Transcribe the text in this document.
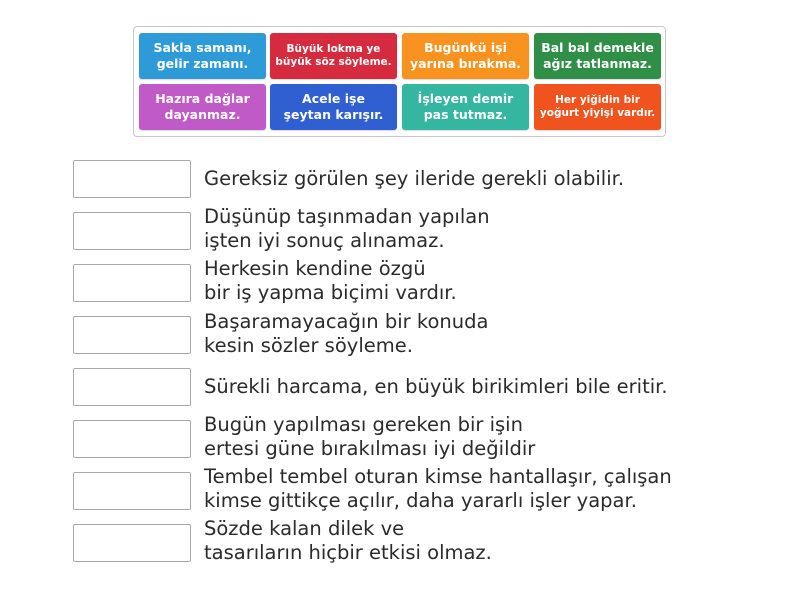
Sakla samanı,
gelir zamanı.
Büyük lokma ye
büyük söz söyleme.
Bugünkü işi
yarına bırakma.
Bal bal demekle
ağız tatlanmaz.
Hazıra dağlar
dayanmaz.
Acele işe
şeytan karışır.
İşleyen demir
pas tutmaz.
Her yiğidin bir
yoğurt yiyişi vardır.
Gereksiz görülen şey ileride gerekli olabilir.
Düşünüp taşınmadan yapılan
işten iyi sonuç alınamaz.
Herkesin kendine özgü
bir iş yapma biçimi vardır.
Başaramayacağın bir konuda
kesin sözler söyleme.
Sürekli harcama, en büyük birikimleri bile eritir.
Bugün yapılması gereken bir işin
ertesi güne bırakılması iyi değildir
Tembel tembel oturan kimse hantallaşır, çalışan
kimse gittikçe açılır, daha yararlı işler yapar.
Sözde kalan dilek ve
tasarıların hiçbir etkisi olmaz.
